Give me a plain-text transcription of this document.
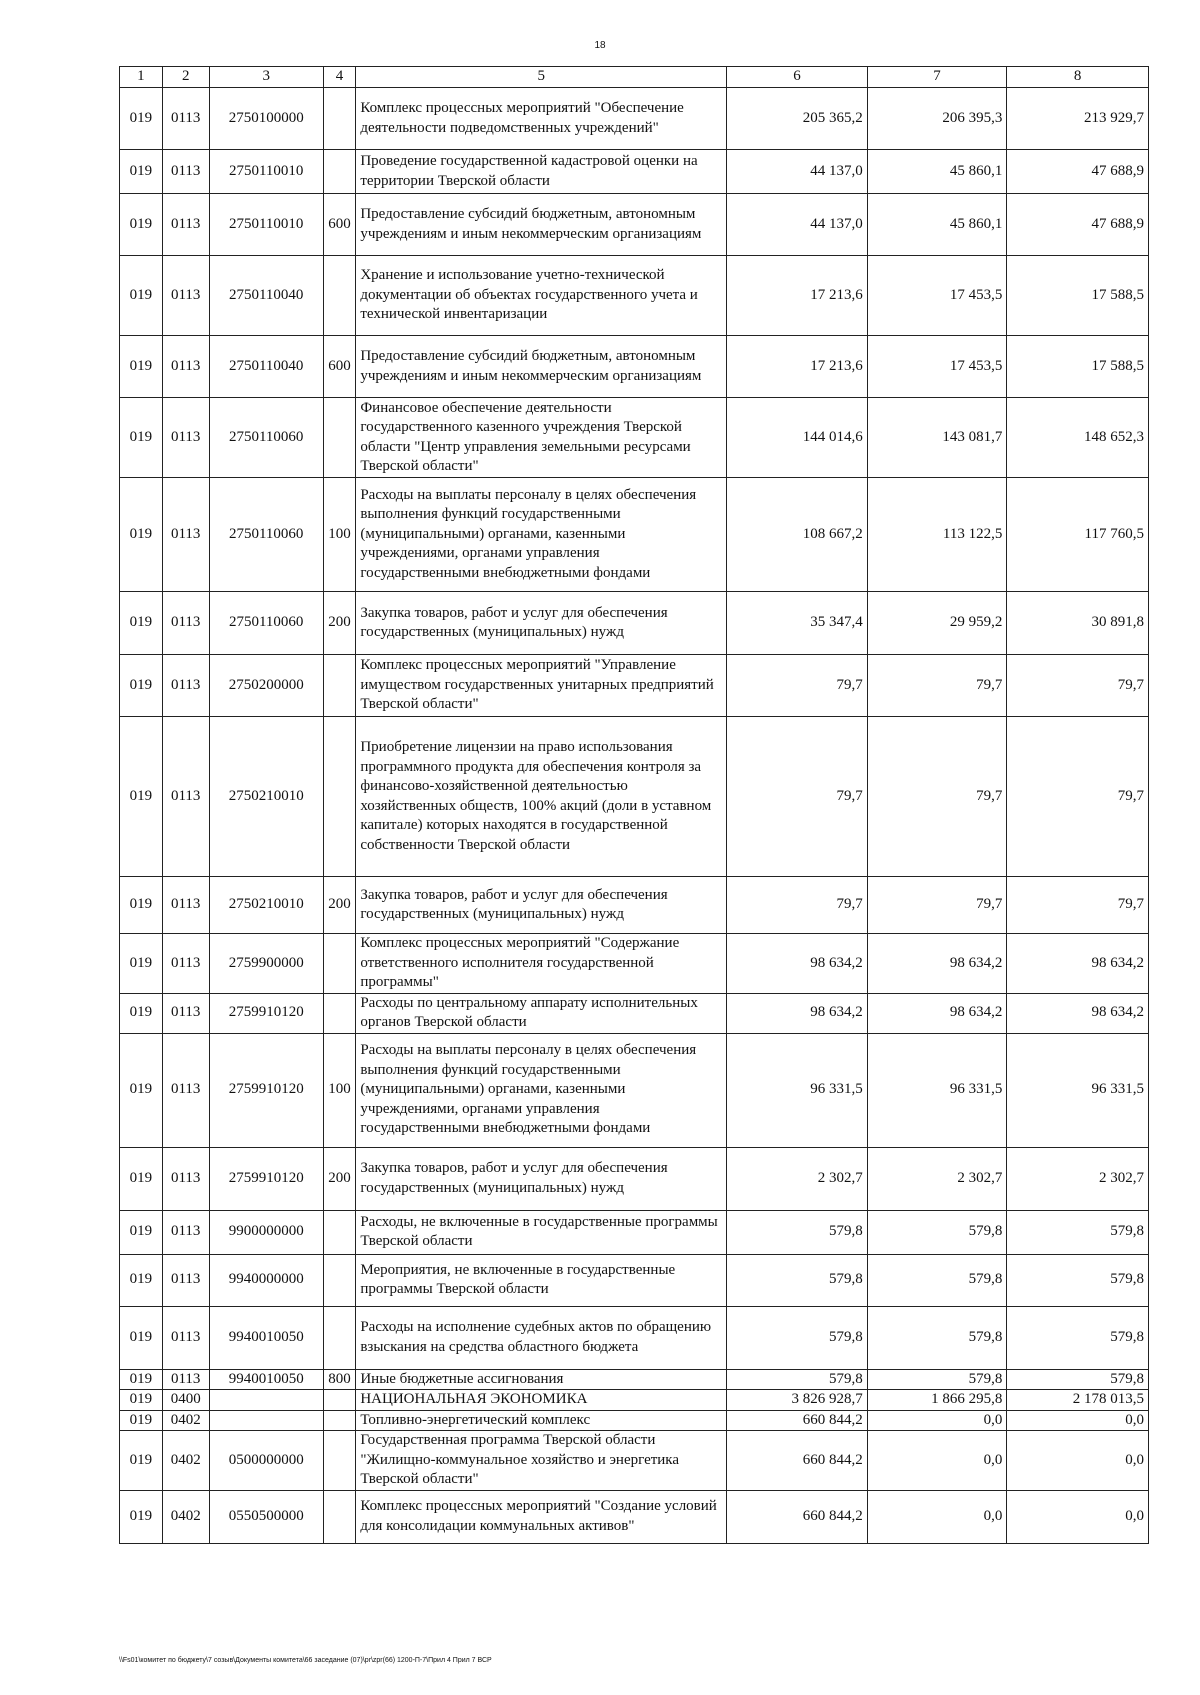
18
1	2	3	4	5	6	7	8
019	0113	2750100000		Комплекс процессных мероприятий "Обеспечение деятельности подведомственных учреждений"	205 365,2	206 395,3	213 929,7
019	0113	2750110010		Проведение государственной кадастровой оценки на территории Тверской области	44 137,0	45 860,1	47 688,9
019	0113	2750110010	600	Предоставление субсидий бюджетным, автономным учреждениям и иным некоммерческим организациям	44 137,0	45 860,1	47 688,9
019	0113	2750110040		Хранение и использование учетно-технической документации об объектах государственного учета и технической инвентаризации	17 213,6	17 453,5	17 588,5
019	0113	2750110040	600	Предоставление субсидий бюджетным, автономным учреждениям и иным некоммерческим организациям	17 213,6	17 453,5	17 588,5
019	0113	2750110060		Финансовое обеспечение деятельности государственного казенного учреждения Тверской области "Центр управления земельными ресурсами Тверской области"	144 014,6	143 081,7	148 652,3
019	0113	2750110060	100	Расходы на выплаты персоналу в целях обеспечения выполнения функций государственными (муниципальными) органами, казенными учреждениями, органами управления государственными внебюджетными фондами	108 667,2	113 122,5	117 760,5
019	0113	2750110060	200	Закупка товаров, работ и услуг для обеспечения государственных (муниципальных) нужд	35 347,4	29 959,2	30 891,8
019	0113	2750200000		Комплекс процессных мероприятий "Управление имуществом государственных унитарных предприятий Тверской области"	79,7	79,7	79,7
019	0113	2750210010		Приобретение лицензии на право использования программного продукта для обеспечения контроля за финансово-хозяйственной деятельностью хозяйственных обществ, 100% акций (доли в уставном капитале) которых находятся в государственной собственности Тверской области	79,7	79,7	79,7
019	0113	2750210010	200	Закупка товаров, работ и услуг для обеспечения государственных (муниципальных) нужд	79,7	79,7	79,7
019	0113	2759900000		Комплекс процессных мероприятий "Содержание ответственного исполнителя государственной программы"	98 634,2	98 634,2	98 634,2
019	0113	2759910120		Расходы по центральному аппарату исполнительных органов Тверской области	98 634,2	98 634,2	98 634,2
019	0113	2759910120	100	Расходы на выплаты персоналу в целях обеспечения выполнения функций государственными (муниципальными) органами, казенными учреждениями, органами управления государственными внебюджетными фондами	96 331,5	96 331,5	96 331,5
019	0113	2759910120	200	Закупка товаров, работ и услуг для обеспечения государственных (муниципальных) нужд	2 302,7	2 302,7	2 302,7
019	0113	9900000000		Расходы, не включенные в государственные программы Тверской области	579,8	579,8	579,8
019	0113	9940000000		Мероприятия, не включенные в государственные программы Тверской области	579,8	579,8	579,8
019	0113	9940010050		Расходы на исполнение судебных актов по обращению взыскания на средства областного бюджета	579,8	579,8	579,8
019	0113	9940010050	800	Иные бюджетные ассигнования	579,8	579,8	579,8
019	0400			НАЦИОНАЛЬНАЯ ЭКОНОМИКА	3 826 928,7	1 866 295,8	2 178 013,5
019	0402			Топливно-энергетический комплекс	660 844,2	0,0	0,0
019	0402	0500000000		Государственная программа Тверской области "Жилищно-коммунальное хозяйство и энергетика Тверской области"	660 844,2	0,0	0,0
019	0402	0550500000		Комплекс процессных мероприятий "Создание условий для консолидации коммунальных активов"	660 844,2	0,0	0,0
\\Fs01\комитет по бюджету\7 созыв\Документы комитета\66 заседание (07)\pr\zpr(66) 1200-П-7\Прил 4 Прил 7 ВСР
